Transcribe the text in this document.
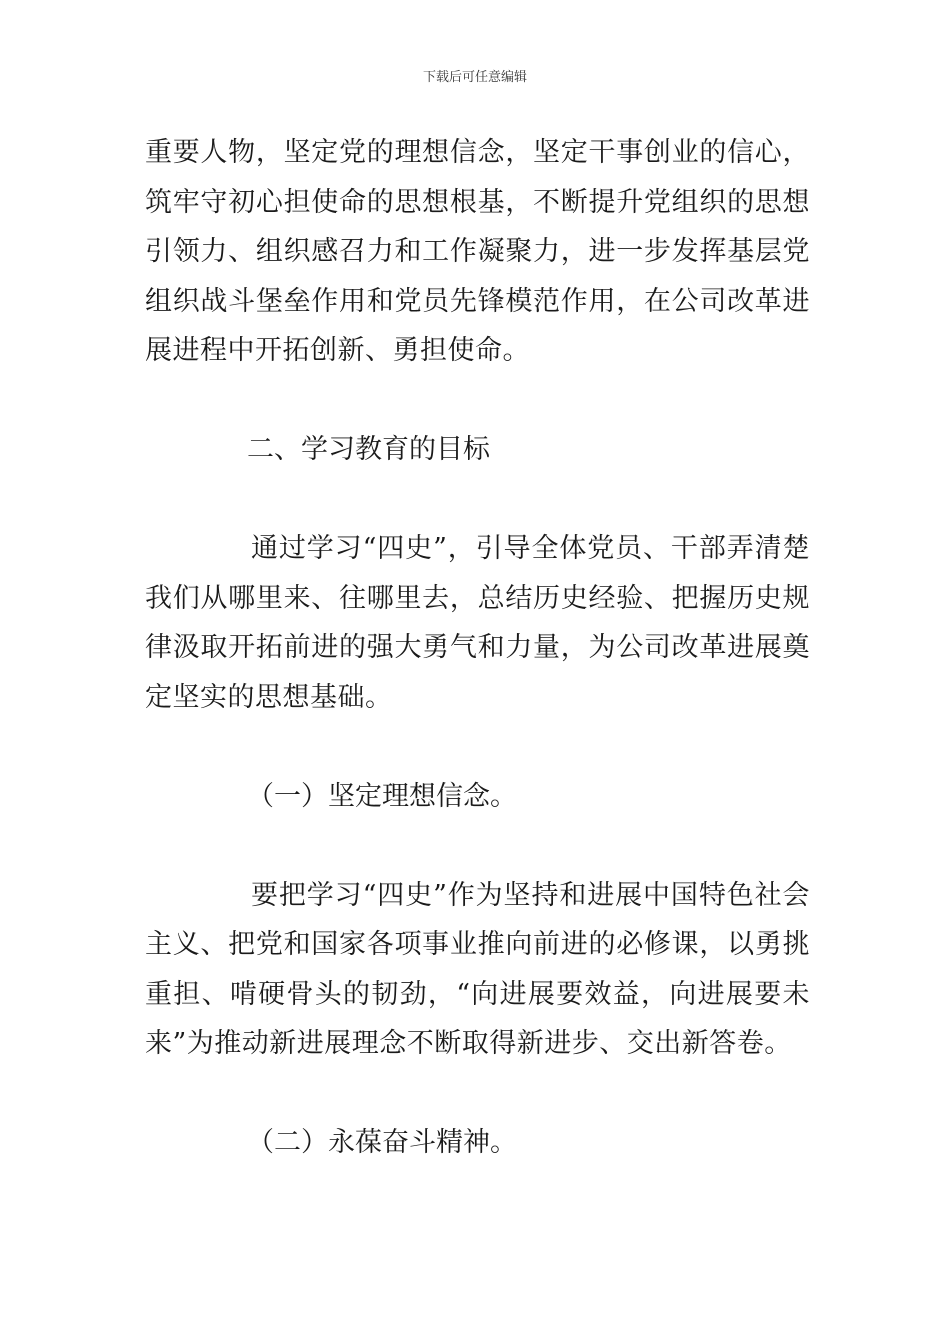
下载后可任意编辑

重要人物，坚定党的理想信念，坚定干事创业的信心，筑牢守初心担使命的思想根基，不断提升党组织的思想引领力、组织感召力和工作凝聚力，进一步发挥基层党组织战斗堡垒作用和党员先锋模范作用，在公司改革进展进程中开拓创新、勇担使命。

二、学习教育的目标

通过学习“四史”，引导全体党员、干部弄清楚我们从哪里来、往哪里去，总结历史经验、把握历史规律汲取开拓前进的强大勇气和力量，为公司改革进展奠定坚实的思想基础。

（一）坚定理想信念。

要把学习“四史”作为坚持和进展中国特色社会主义、把党和国家各项事业推向前进的必修课，以勇挑重担、啃硬骨头的韧劲，“向进展要效益，向进展要未来”为推动新进展理念不断取得新进步、交出新答卷。

（二）永葆奋斗精神。
